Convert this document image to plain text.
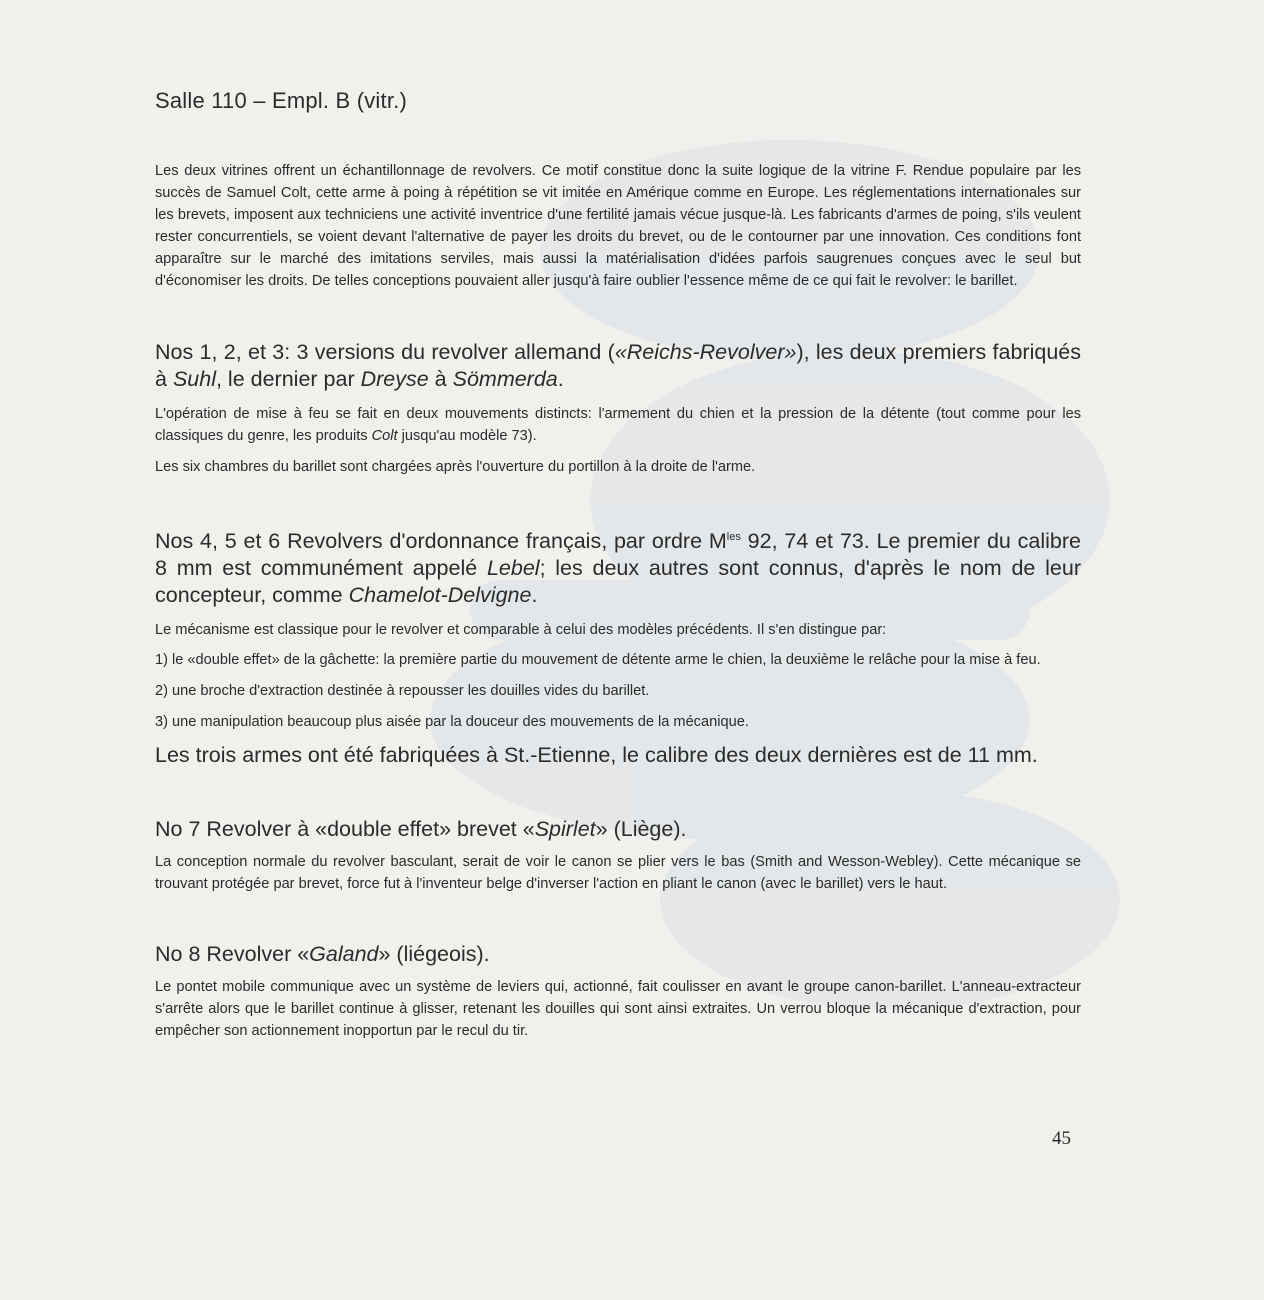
Salle 110 – Empl. B (vitr.)

Les deux vitrines offrent un échantillonnage de revolvers. Ce motif constitue donc la suite logique de la vitrine F. Rendue populaire par les succès de Samuel Colt, cette arme à poing à répétition se vit imitée en Amérique comme en Europe. Les réglementations internationales sur les brevets, imposent aux techniciens une activité inventrice d'une fertilité jamais vécue jusque-là. Les fabricants d'armes de poing, s'ils veulent rester concurrentiels, se voient devant l'alternative de payer les droits du brevet, ou de le contourner par une innovation. Ces conditions font apparaître sur le marché des imitations serviles, mais aussi la matérialisation d'idées parfois saugrenues conçues avec le seul but d'économiser les droits. De telles conceptions pouvaient aller jusqu'à faire oublier l'essence même de ce qui fait le revolver: le barillet.

Nos 1, 2, et 3: 3 versions du revolver allemand («Reichs-Revolver»), les deux premiers fabriqués à Suhl, le dernier par Dreyse à Sömmerda.

L'opération de mise à feu se fait en deux mouvements distincts: l'armement du chien et la pression de la détente (tout comme pour les classiques du genre, les produits Colt jusqu'au modèle 73).

Les six chambres du barillet sont chargées après l'ouverture du portillon à la droite de l'arme.

Nos 4, 5 et 6 Revolvers d'ordonnance français, par ordre $M^{les}$ 92, 74 et 73. Le premier du calibre 8 mm est communément appelé Lebel; les deux autres sont connus, d'après le nom de leur concepteur, comme Chamelot-Delvigne.

Le mécanisme est classique pour le revolver et comparable à celui des modèles précédents. Il s'en distingue par:

1) le «double effet» de la gâchette: la première partie du mouvement de détente arme le chien, la deuxième le relâche pour la mise à feu.
2) une broche d'extraction destinée à repousser les douilles vides du barillet.
3) une manipulation beaucoup plus aisée par la douceur des mouvements de la mécanique.

Les trois armes ont été fabriquées à St.-Etienne, le calibre des deux dernières est de 11 mm.

No 7 Revolver à «double effet» brevet «Spirlet» (Liège).

La conception normale du revolver basculant, serait de voir le canon se plier vers le bas (Smith and Wesson-Webley). Cette mécanique se trouvant protégée par brevet, force fut à l'inventeur belge d'inverser l'action en pliant le canon (avec le barillet) vers le haut.

No 8 Revolver «Galand» (liégeois).

Le pontet mobile communique avec un système de leviers qui, actionné, fait coulisser en avant le groupe canon-barillet. L'anneau-extracteur s'arrête alors que le barillet continue à glisser, retenant les douilles qui sont ainsi extraites. Un verrou bloque la mécanique d'extraction, pour empêcher son actionnement inopportun par le recul du tir.

45
